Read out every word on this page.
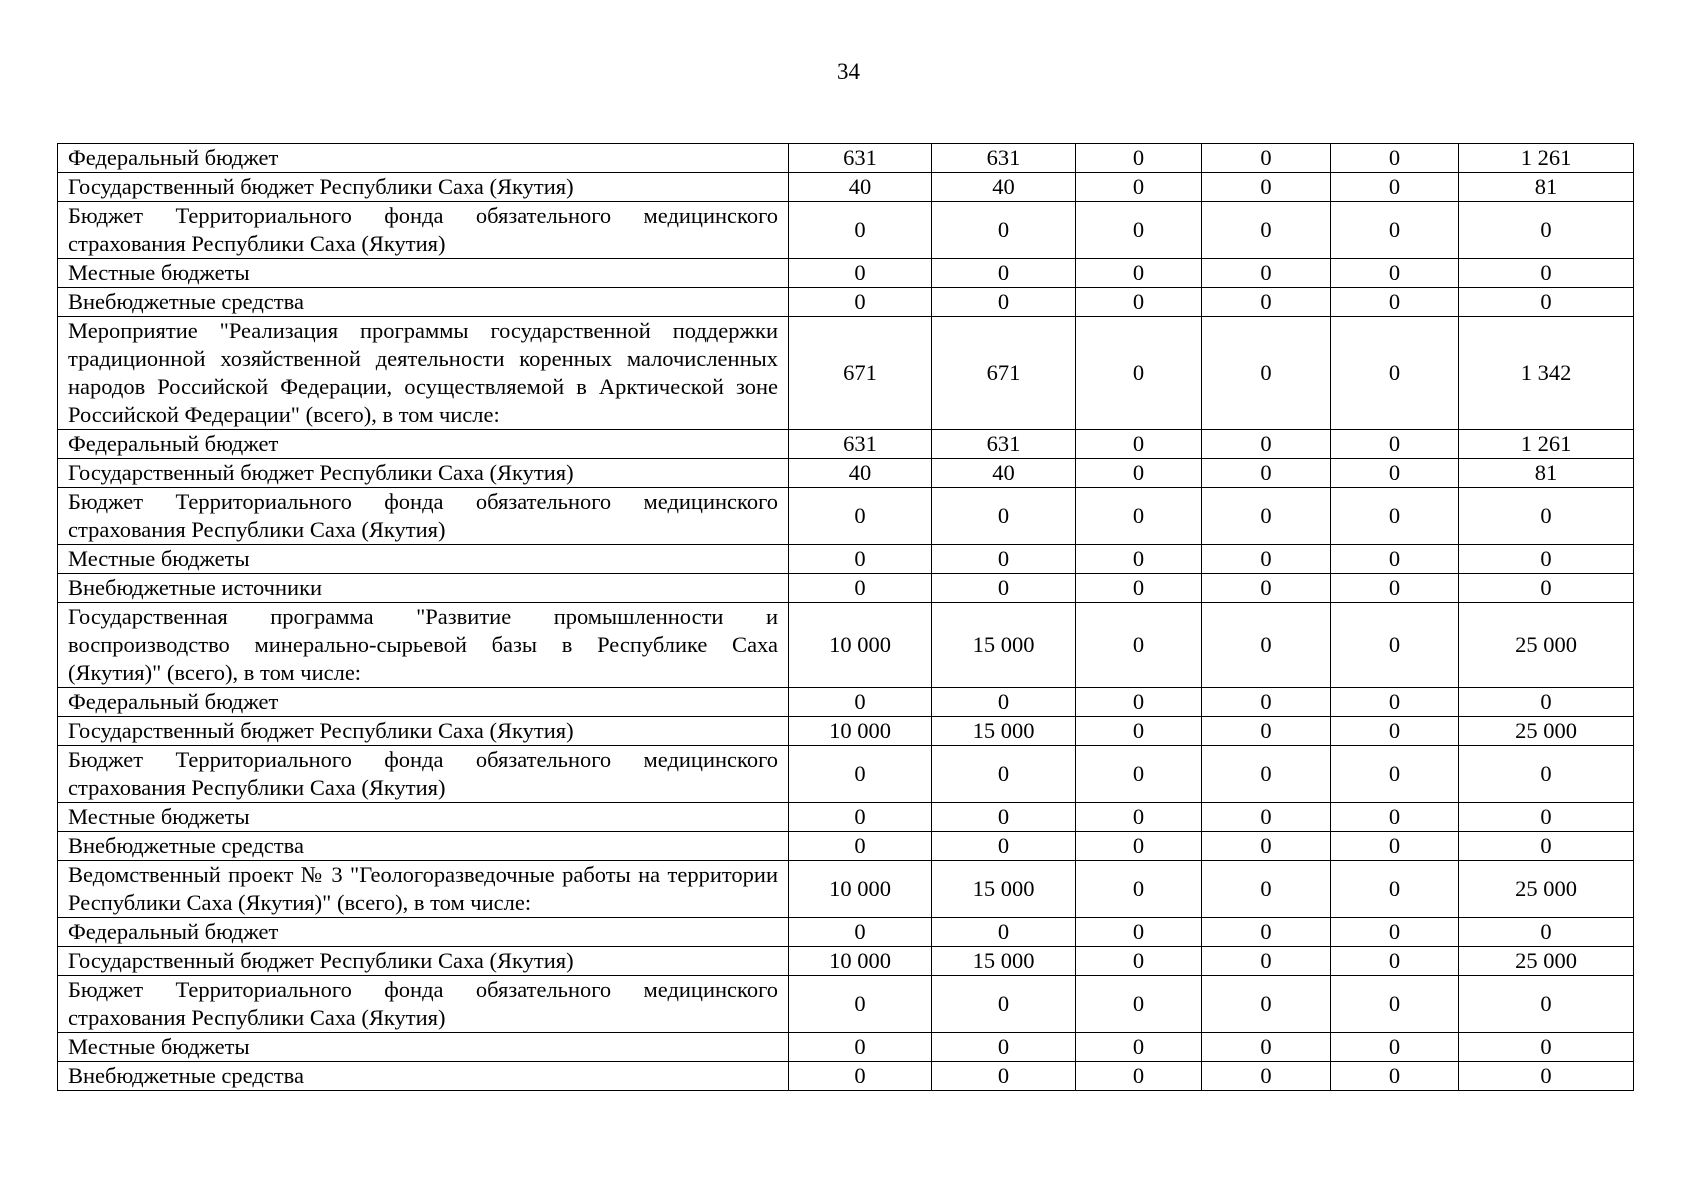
34
Федеральный бюджет	631	631	0	0	0	1 261
Государственный бюджет Республики Саха (Якутия)	40	40	0	0	0	81
Бюджет Территориального фонда обязательного медицинского страхования Республики Саха (Якутия)	0	0	0	0	0	0
Местные бюджеты	0	0	0	0	0	0
Внебюджетные средства	0	0	0	0	0	0
Мероприятие "Реализация программы государственной поддержки традиционной хозяйственной деятельности коренных малочисленных народов Российской Федерации, осуществляемой в Арктической зоне Российской Федерации" (всего), в том числе:	671	671	0	0	0	1 342
Федеральный бюджет	631	631	0	0	0	1 261
Государственный бюджет Республики Саха (Якутия)	40	40	0	0	0	81
Бюджет Территориального фонда обязательного медицинского страхования Республики Саха (Якутия)	0	0	0	0	0	0
Местные бюджеты	0	0	0	0	0	0
Внебюджетные источники	0	0	0	0	0	0
Государственная программа "Развитие промышленности и воспроизводство минерально-сырьевой базы в Республике Саха (Якутия)" (всего), в том числе:	10 000	15 000	0	0	0	25 000
Федеральный бюджет	0	0	0	0	0	0
Государственный бюджет Республики Саха (Якутия)	10 000	15 000	0	0	0	25 000
Бюджет Территориального фонда обязательного медицинского страхования Республики Саха (Якутия)	0	0	0	0	0	0
Местные бюджеты	0	0	0	0	0	0
Внебюджетные средства	0	0	0	0	0	0
Ведомственный проект № 3 "Геологоразведочные работы на территории Республики Саха (Якутия)" (всего), в том числе:	10 000	15 000	0	0	0	25 000
Федеральный бюджет	0	0	0	0	0	0
Государственный бюджет Республики Саха (Якутия)	10 000	15 000	0	0	0	25 000
Бюджет Территориального фонда обязательного медицинского страхования Республики Саха (Якутия)	0	0	0	0	0	0
Местные бюджеты	0	0	0	0	0	0
Внебюджетные средства	0	0	0	0	0	0
